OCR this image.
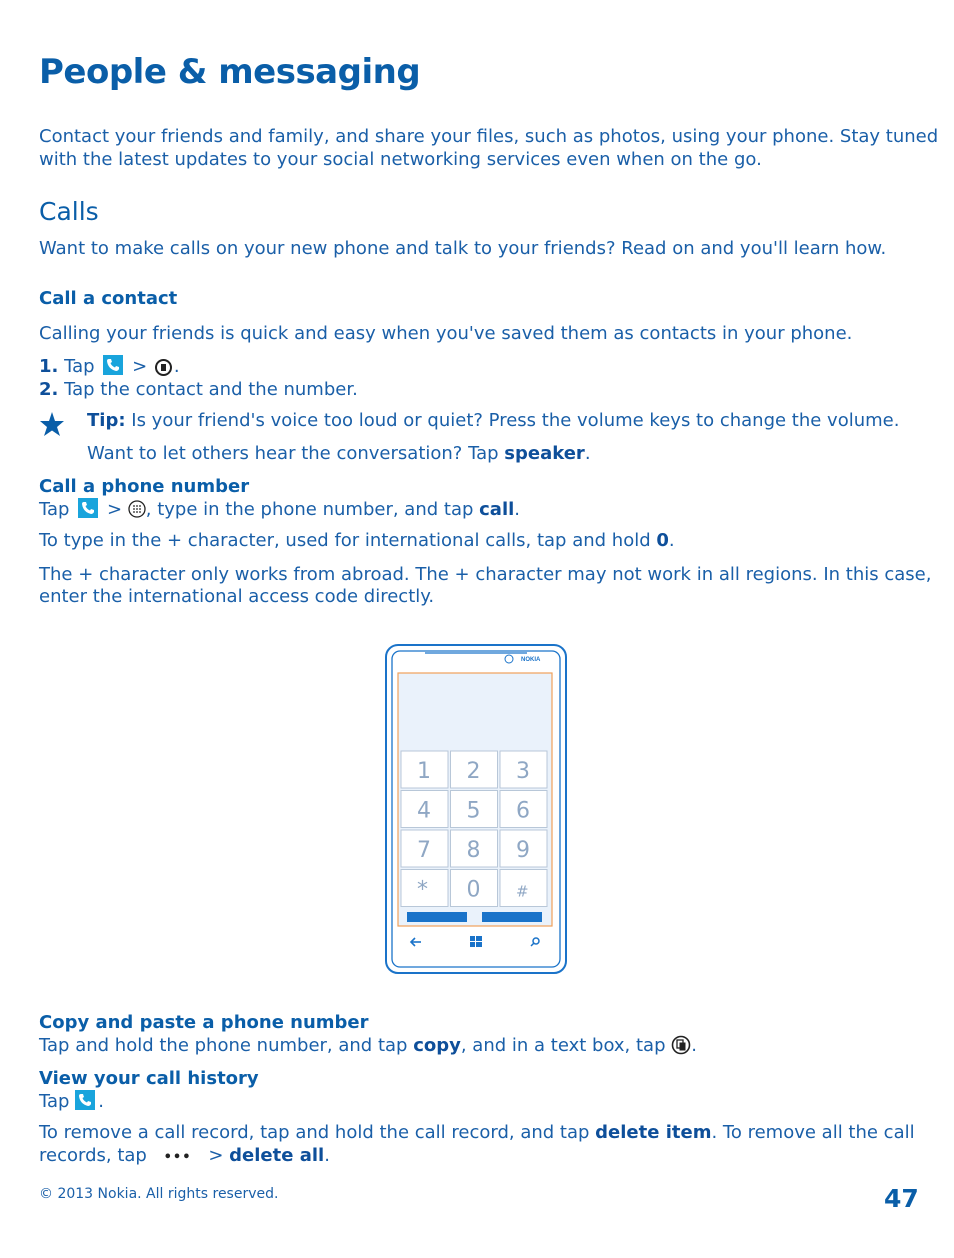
People & messaging
Contact your friends and family, and share your files, such as photos, using your phone. Stay tuned
with the latest updates to your social networking services even when on the go.
Calls
Want to make calls on your new phone and talk to your friends? Read on and you'll learn how.
Call a contact
Calling your friends is quick and easy when you've saved them as contacts in your phone.
1. Tap > .
2. Tap the contact and the number.
Tip: Is your friend's voice too loud or quiet? Press the volume keys to change the volume.
Want to let others hear the conversation? Tap speaker.
Call a phone number
Tap > , type in the phone number, and tap call.
To type in the + character, used for international calls, tap and hold 0.
The + character only works from abroad. The + character may not work in all regions. In this case,
enter the international access code directly.
NOKIA
1 2 3
4 5 6
7 8 9
* 0 #
Copy and paste a phone number
Tap and hold the phone number, and tap copy, and in a text box, tap .
View your call history
Tap .
To remove a call record, tap and hold the call record, and tap delete item. To remove all the call
records, tap ••• > delete all.
© 2013 Nokia. All rights reserved.	47
